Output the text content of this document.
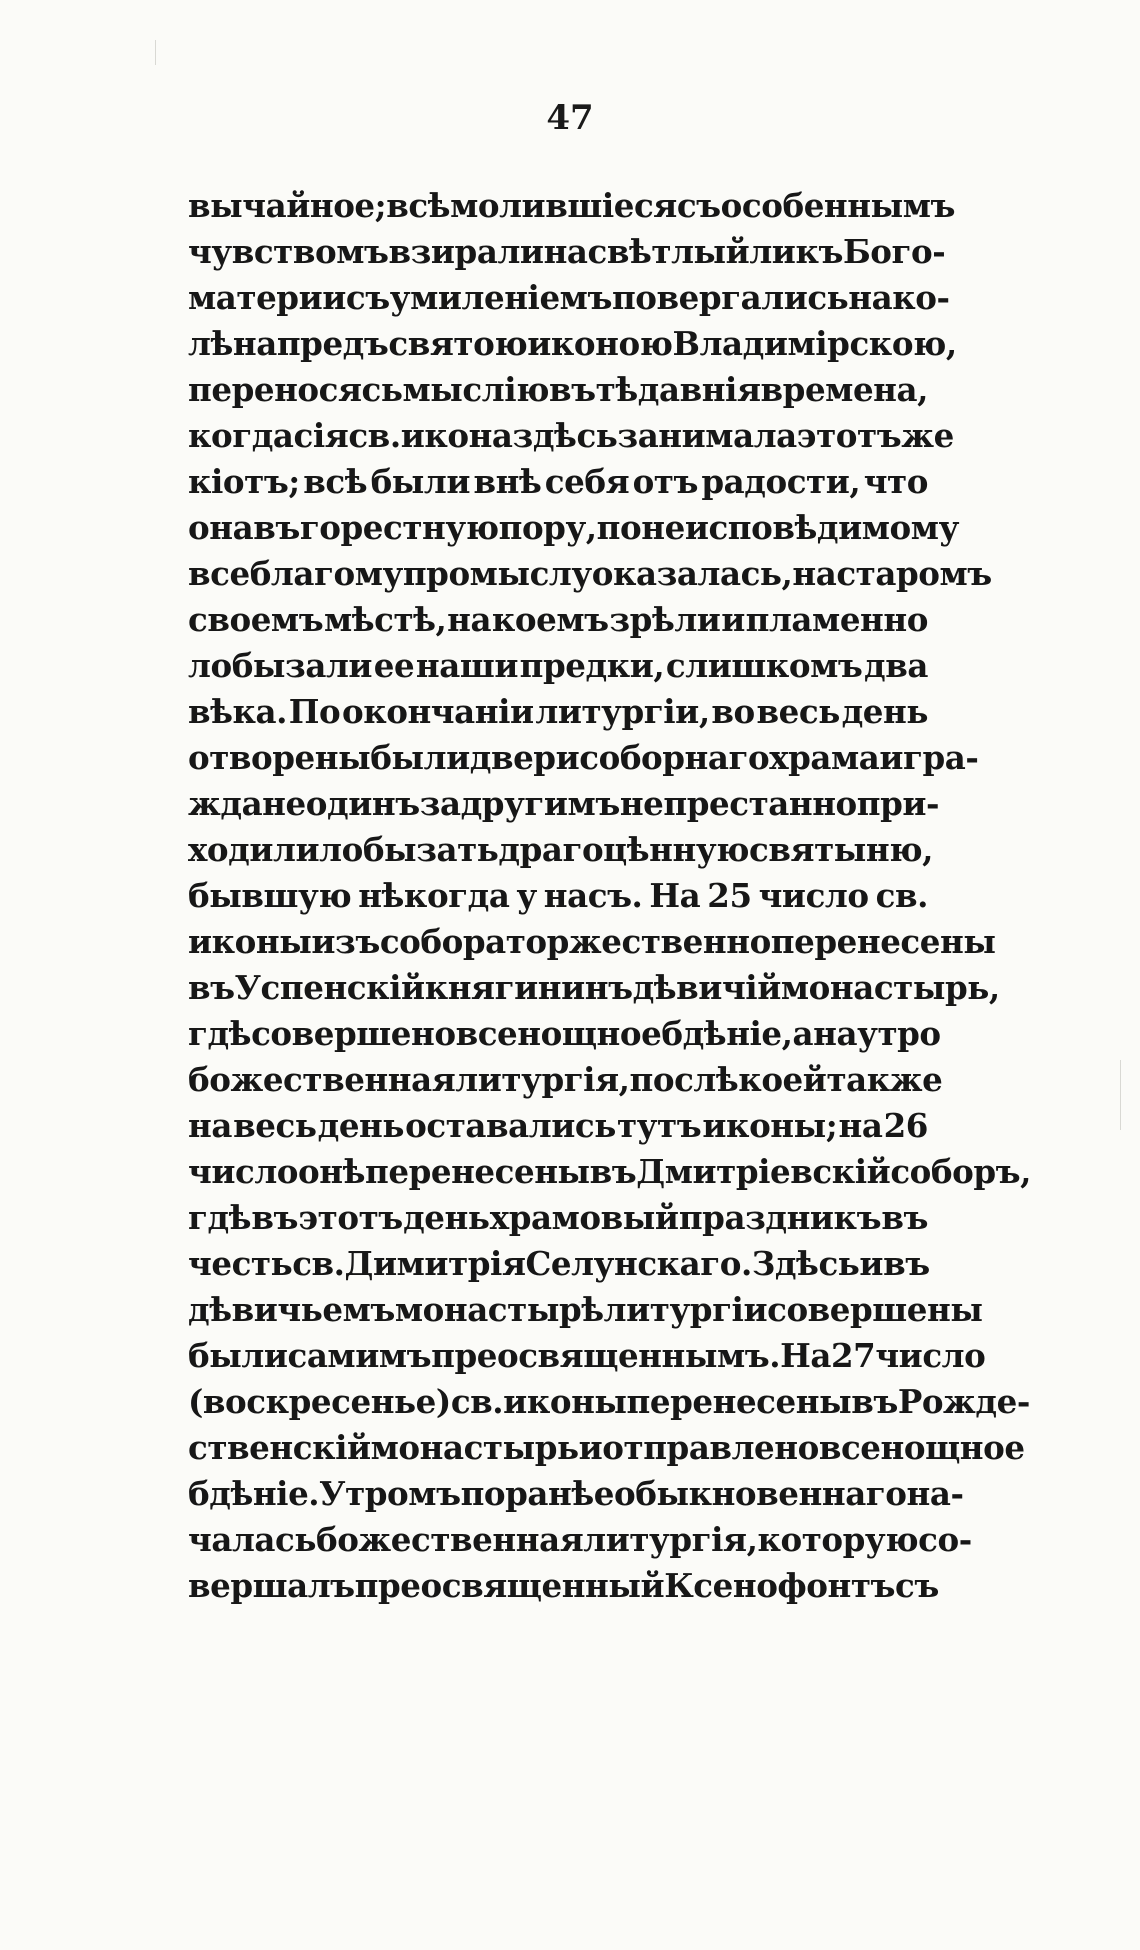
47
вычайное; всѣ молившіеся съ особеннымъ
чувствомъ взирали на свѣтлый ликъ Бого-
матери и съ умиленіемъ повергались на ко-
лѣна предъ святою иконою Владимірскою,
переносясь мыслію въ тѣ давнія времена,
когда сія св. икона здѣсь занимала этотъ же
кіотъ; всѣ были внѣ себя отъ радости, что
она въ горестную пору, по неисповѣдимому
всеблагому промыслу оказалась, на старомъ
своемъ мѣстѣ, на коемъ зрѣли и пламенно
лобызали ее наши предки, слишкомъ два
вѣка. По окончаніи литургіи, во весь день
отворены были двери соборнаго храма и гра-
ждане одинъ за другимъ непрестанно при-
ходили лобызать драгоцѣнную святыню,
бывшую нѣкогда у насъ. На 25 число св.
иконы изъ собора торжественно перенесены
въ Успенскій княгининъ дѣвичій монастырь,
гдѣ совершено всенощное бдѣніе, а на утро
божественная литургія, послѣ коей также
на весь день оставались тутъ иконы; на 26
число онѣ перенесены въ Дмитріевскій соборъ,
гдѣ въ этотъ день храмовый праздникъ въ
честь св. Димитрія Селунскаго. Здѣсь и въ
дѣвичьемъ монастырѣ литургіи совершены
были самимъ преосвященнымъ. На 27 число
(воскресенье) св. иконы перенесены въ Рожде-
ственскій монастырь и отправлено всенощное
бдѣніе. Утромъ поранѣе обыкновеннаго на-
чалась божественная литургія, которую со-
вершалъ преосвященный Ксенофонтъ съ
